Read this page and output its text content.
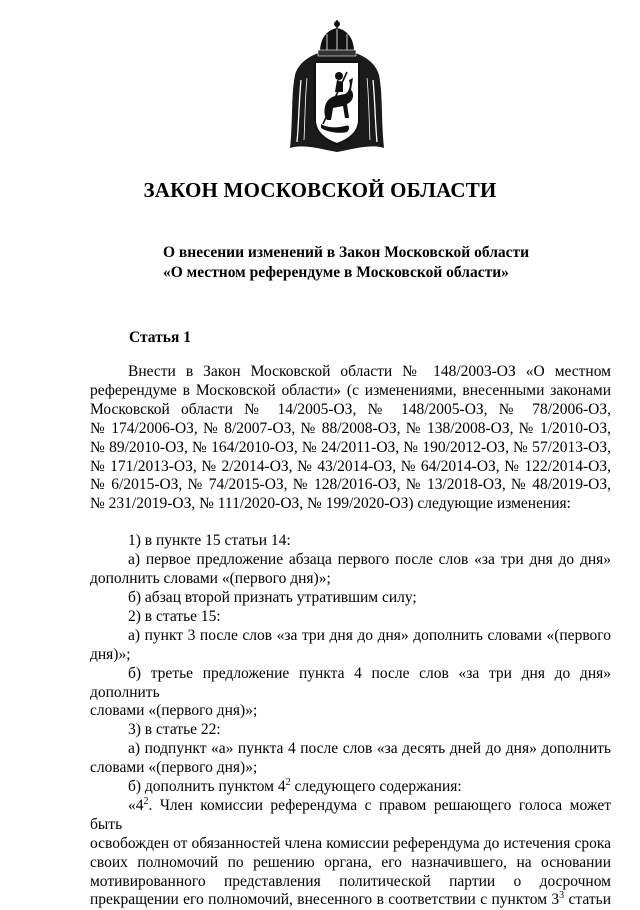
ЗАКОН МОСКОВСКОЙ ОБЛАСТИ
О внесении изменений в Закон Московской области
«О местном референдуме в Московской области»
Статья 1
Внести в Закон Московской области № 148/2003-ОЗ «О местном
референдуме в Московской области» (с изменениями, внесенными законами
Московской области № 14/2005-ОЗ, № 148/2005-ОЗ, № 78/2006-ОЗ,
№ 174/2006-ОЗ, № 8/2007-ОЗ, № 88/2008-ОЗ, № 138/2008-ОЗ, № 1/2010-ОЗ,
№ 89/2010-ОЗ, № 164/2010-ОЗ, № 24/2011-ОЗ, № 190/2012-ОЗ, № 57/2013-ОЗ,
№ 171/2013-ОЗ, № 2/2014-ОЗ, № 43/2014-ОЗ, № 64/2014-ОЗ, № 122/2014-ОЗ,
№ 6/2015-ОЗ, № 74/2015-ОЗ, № 128/2016-ОЗ, № 13/2018-ОЗ, № 48/2019-ОЗ,
№ 231/2019-ОЗ, № 111/2020-ОЗ, № 199/2020-ОЗ) следующие изменения:
1) в пункте 15 статьи 14:
а) первое предложение абзаца первого после слов «за три дня до дня»
дополнить словами «(первого дня)»;
б) абзац второй признать утратившим силу;
2) в статье 15:
а) пункт 3 после слов «за три дня до дня» дополнить словами «(первого
дня)»;
б) третье предложение пункта 4 после слов «за три дня до дня» дополнить
словами «(первого дня)»;
3) в статье 22:
а) подпункт «а» пункта 4 после слов «за десять дней до дня» дополнить
словами «(первого дня)»;
б) дополнить пунктом $4^2$ следующего содержания:
«$4^2$. Член комиссии референдума с правом решающего голоса может быть
освобожден от обязанностей члена комиссии референдума до истечения срока
своих полномочий по решению органа, его назначившего, на основании
мотивированного представления политической партии о досрочном
прекращении его полномочий, внесенного в соответствии с пунктом $3^3$ статьи
